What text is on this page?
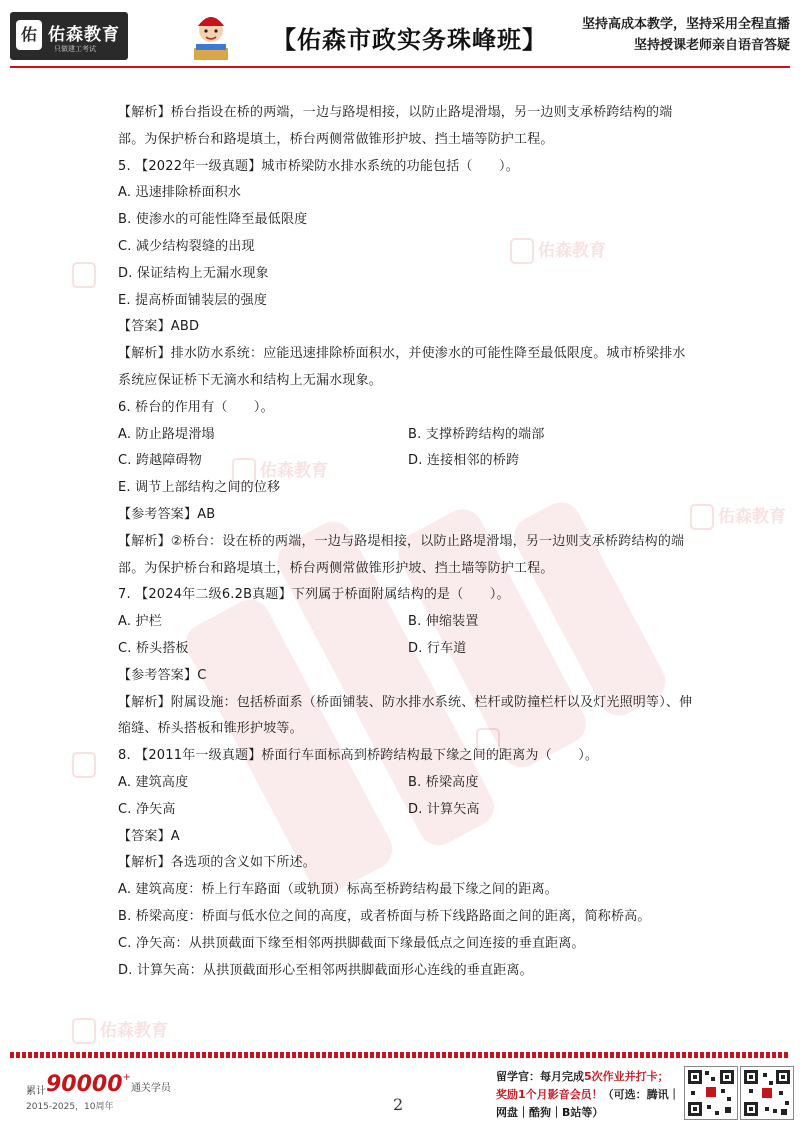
佑 佑森教育
只做建工考试	【佑森市政实务珠峰班】
坚持高成本教学，坚持采用全程直播
坚持授课老师亲自语音答疑
佑森教育
佑森教育
佑森教育
佑森教育
【解析】桥台指设在桥的两端，一边与路堤相接，以防止路堤滑塌，另一边则支承桥跨结构的端部。为保护桥台和路堤填土，桥台两侧常做锥形护坡、挡土墙等防护工程。
5. 【2022年一级真题】城市桥梁防水排水系统的功能包括（　　）。
A. 迅速排除桥面积水
B. 使渗水的可能性降至最低限度
C. 减少结构裂缝的出现
D. 保证结构上无漏水现象
E. 提高桥面铺装层的强度
【答案】ABD
【解析】排水防水系统：应能迅速排除桥面积水，并使渗水的可能性降至最低限度。城市桥梁排水系统应保证桥下无滴水和结构上无漏水现象。
6. 桥台的作用有（　　）。
A. 防止路堤滑塌	B. 支撑桥跨结构的端部
C. 跨越障碍物	D. 连接相邻的桥跨
E. 调节上部结构之间的位移
【参考答案】AB
【解析】②桥台：设在桥的两端，一边与路堤相接，以防止路堤滑塌，另一边则支承桥跨结构的端部。为保护桥台和路堤填土，桥台两侧常做锥形护坡、挡土墙等防护工程。
7. 【2024年二级6.2B真题】下列属于桥面附属结构的是（　　）。
A. 护栏	B. 伸缩装置
C. 桥头搭板	D. 行车道
【参考答案】C
【解析】附属设施：包括桥面系（桥面铺装、防水排水系统、栏杆或防撞栏杆以及灯光照明等）、伸缩缝、桥头搭板和锥形护坡等。
8. 【2011年一级真题】桥面行车面标高到桥跨结构最下缘之间的距离为（　　）。
A. 建筑高度	B. 桥梁高度
C. 净矢高	D. 计算矢高
【答案】A
【解析】各选项的含义如下所述。
A. 建筑高度：桥上行车路面（或轨顶）标高至桥跨结构最下缘之间的距离。
B. 桥梁高度：桥面与低水位之间的高度，或者桥面与桥下线路路面之间的距离，简称桥高。
C. 净矢高：从拱顶截面下缘至相邻两拱脚截面下缘最低点之间连接的垂直距离。
D. 计算矢高：从拱顶截面形心至相邻两拱脚截面形心连线的垂直距离。
累计90000+通关学员
2015-2025，10周年	2
留学官：每月完成5次作业并打卡；
奖励1个月影音会员！（可选：腾讯｜
网盘｜酷狗｜B站等）
